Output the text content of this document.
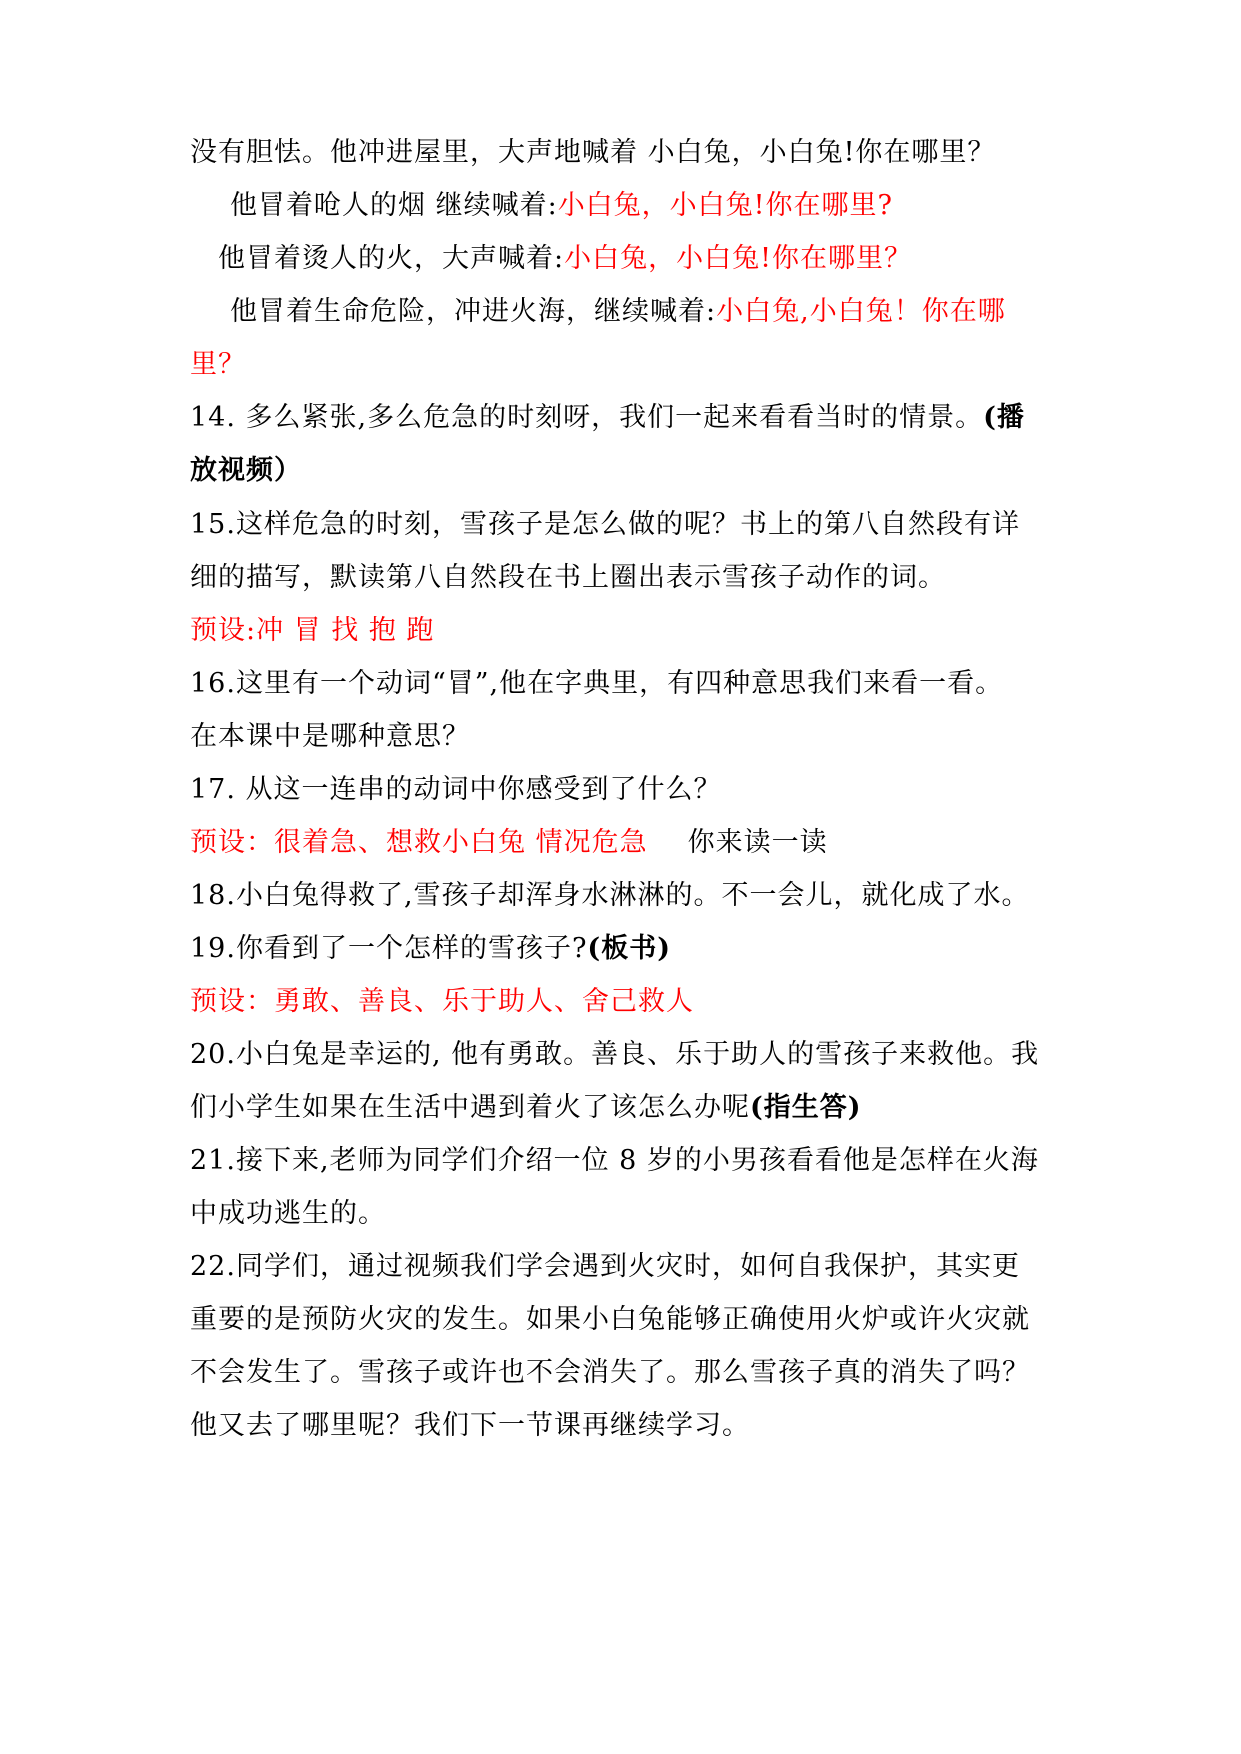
没有胆怯。他冲进屋里，大声地喊着 小白兔，小白兔!你在哪里？
他冒着呛人的烟 继续喊着:小白兔，小白兔!你在哪里?
他冒着烫人的火，大声喊着:小白兔，小白兔!你在哪里？
他冒着生命危险，冲进火海，继续喊着:小白兔,小白兔！你在哪
里？
14. 多么紧张,多么危急的时刻呀，我们一起来看看当时的情景。(播
放视频）
15.这样危急的时刻，雪孩子是怎么做的呢？书上的第八自然段有详
细的描写，默读第八自然段在书上圈出表示雪孩子动作的词。
预设:冲 冒 找 抱 跑
16.这里有一个动词“冒”,他在字典里，有四种意思我们来看一看。
在本课中是哪种意思？
17. 从这一连串的动词中你感受到了什么？
预设：很着急、想救小白兔 情况危急 你来读一读
18.小白兔得救了,雪孩子却浑身水淋淋的。不一会儿，就化成了水。
19.你看到了一个怎样的雪孩子?(板书)
预设：勇敢、善良、乐于助人、舍己救人
20.小白兔是幸运的, 他有勇敢。善良、乐于助人的雪孩子来救他。我
们小学生如果在生活中遇到着火了该怎么办呢(指生答)
21.接下来,老师为同学们介绍一位 8 岁的小男孩看看他是怎样在火海
中成功逃生的。
22.同学们，通过视频我们学会遇到火灾时，如何自我保护，其实更
重要的是预防火灾的发生。如果小白兔能够正确使用火炉或许火灾就
不会发生了。雪孩子或许也不会消失了。那么雪孩子真的消失了吗？
他又去了哪里呢？我们下一节课再继续学习。
